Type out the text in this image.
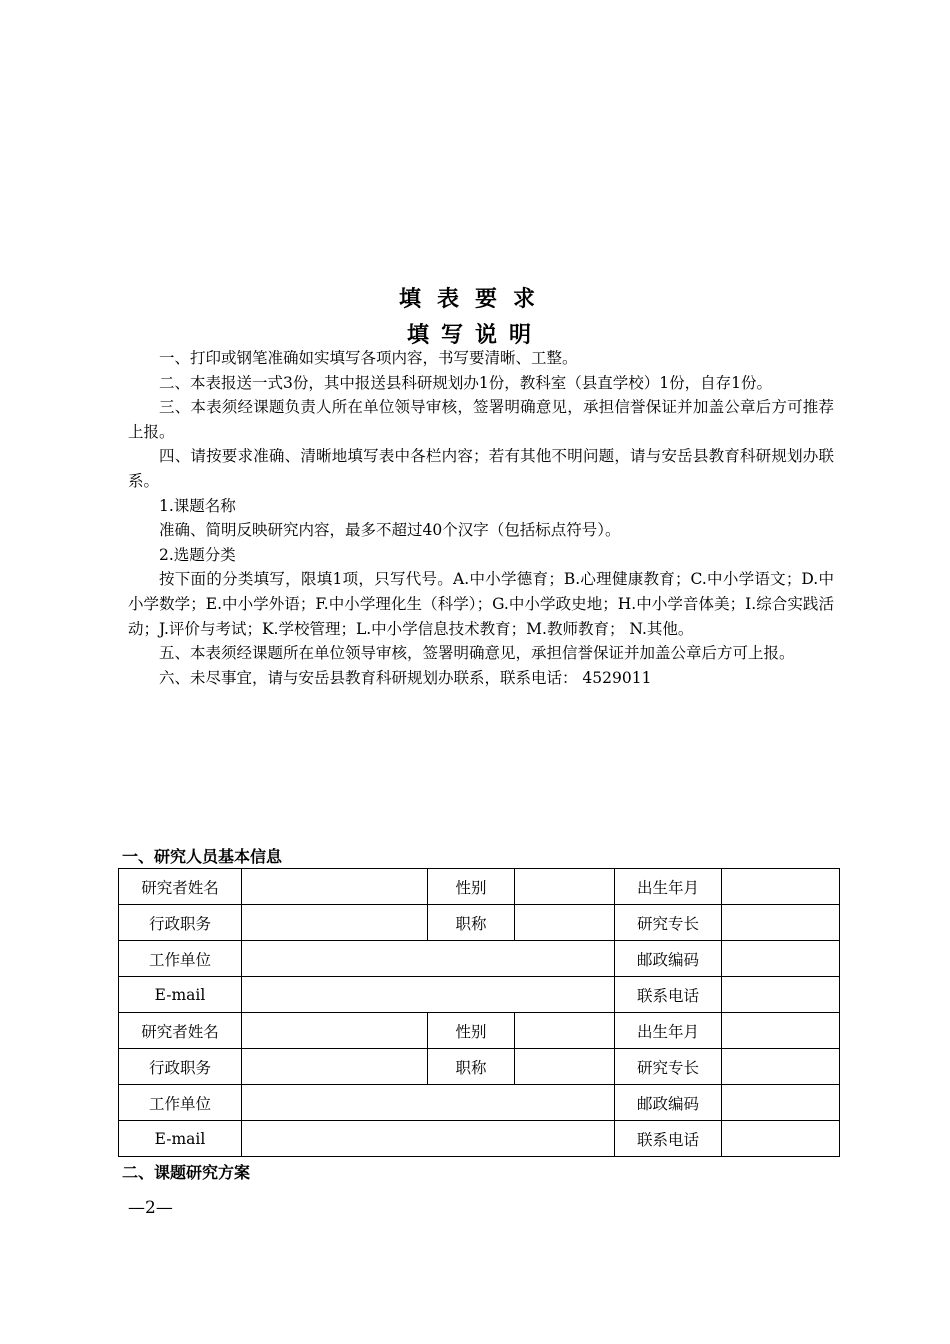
填表要求
填写说明

一、打印或钢笔准确如实填写各项内容，书写要清晰、工整。

二、本表报送一式3份，其中报送县科研规划办1份，教科室（县直学校）1份，自存1份。

三、本表须经课题负责人所在单位领导审核，签署明确意见，承担信誉保证并加盖公章后方可推荐上报。

四、请按要求准确、清晰地填写表中各栏内容；若有其他不明问题，请与安岳县教育科研规划办联系。

1.课题名称

准确、简明反映研究内容，最多不超过40个汉字（包括标点符号）。

2.选题分类

按下面的分类填写，限填1项，只写代号。A.中小学德育；B.心理健康教育；C.中小学语文；D.中小学数学；E.中小学外语；F.中小学理化生（科学）；G.中小学政史地；H.中小学音体美；I.综合实践活动；J.评价与考试；K.学校管理；L.中小学信息技术教育；M.教师教育； N.其他。

五、本表须经课题所在单位领导审核，签署明确意见，承担信誉保证并加盖公章后方可上报。

六、未尽事宜，请与安岳县教育科研规划办联系，联系电话： 4529011

一、研究人员基本信息
研究者姓名		性别		出生年月	
行政职务		职称		研究专长	
工作单位				邮政编码	
E-mail				联系电话	
研究者姓名		性别		出生年月	
行政职务		职称		研究专长	
工作单位				邮政编码	
E-mail				联系电话	
二、课题研究方案
—2—
